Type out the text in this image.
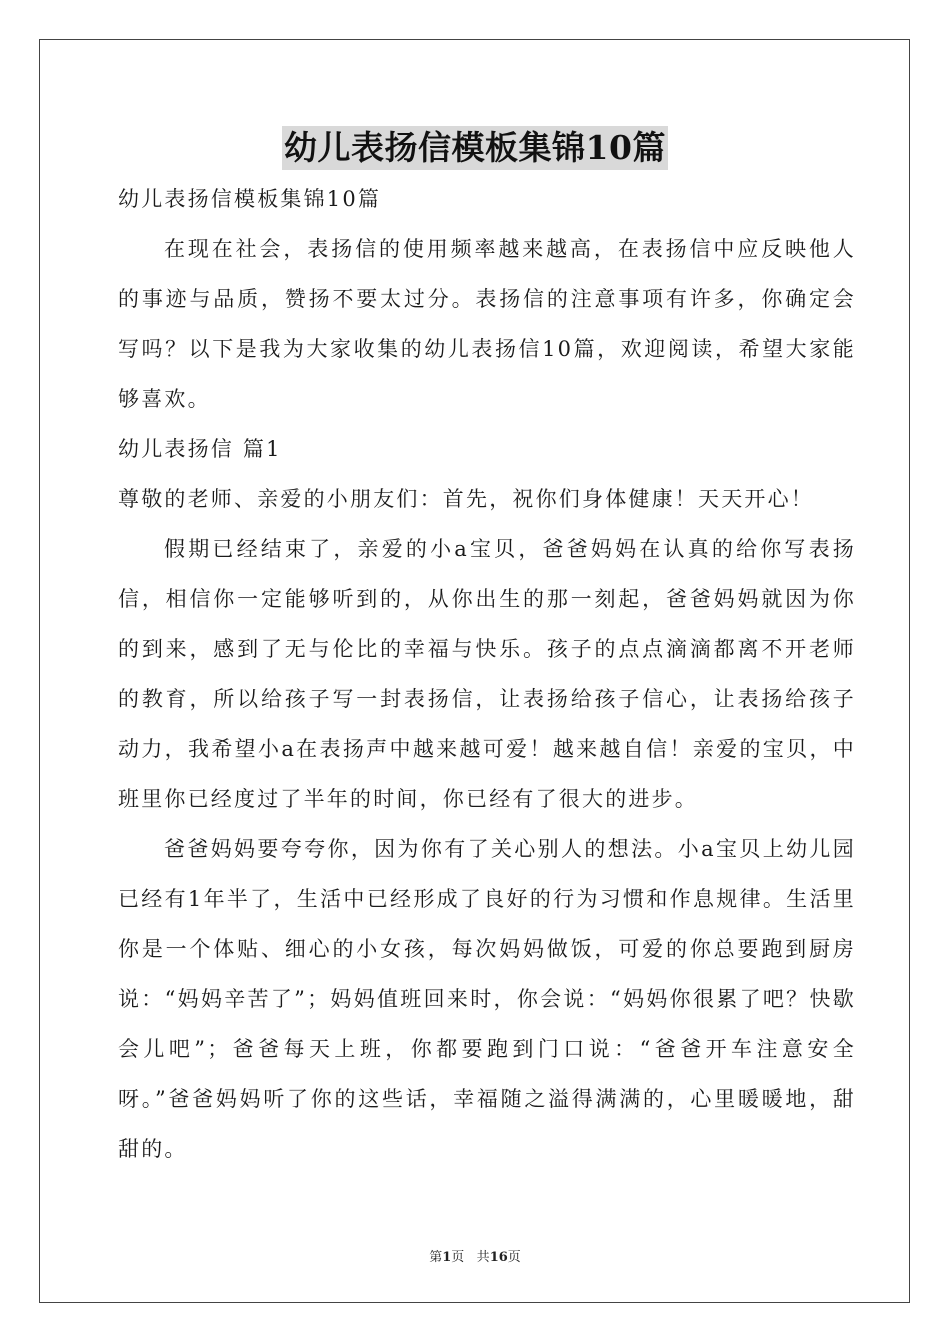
幼儿表扬信模板集锦10篇

幼儿表扬信模板集锦10篇

在现在社会，表扬信的使用频率越来越高，在表扬信中应反映他人的事迹与品质，赞扬不要太过分。表扬信的注意事项有许多，你确定会写吗？以下是我为大家收集的幼儿表扬信10篇，欢迎阅读，希望大家能够喜欢。

幼儿表扬信 篇1

尊敬的老师、亲爱的小朋友们：首先，祝你们身体健康！天天开心！

假期已经结束了，亲爱的小a宝贝，爸爸妈妈在认真的给你写表扬信，相信你一定能够听到的，从你出生的那一刻起，爸爸妈妈就因为你的到来，感到了无与伦比的幸福与快乐。孩子的点点滴滴都离不开老师的教育，所以给孩子写一封表扬信，让表扬给孩子信心，让表扬给孩子动力，我希望小a在表扬声中越来越可爱！越来越自信！亲爱的宝贝，中班里你已经度过了半年的时间，你已经有了很大的进步。

爸爸妈妈要夸夸你，因为你有了关心别人的想法。小a宝贝上幼儿园已经有1年半了，生活中已经形成了良好的行为习惯和作息规律。生活里你是一个体贴、细心的小女孩，每次妈妈做饭，可爱的你总要跑到厨房说：“妈妈辛苦了”；妈妈值班回来时，你会说：“妈妈你很累了吧？快歇会儿吧”；爸爸每天上班，你都要跑到门口说：“爸爸开车注意安全呀。”爸爸妈妈听了你的这些话，幸福随之溢得满满的，心里暖暖地，甜甜的。

第1页 共16页
